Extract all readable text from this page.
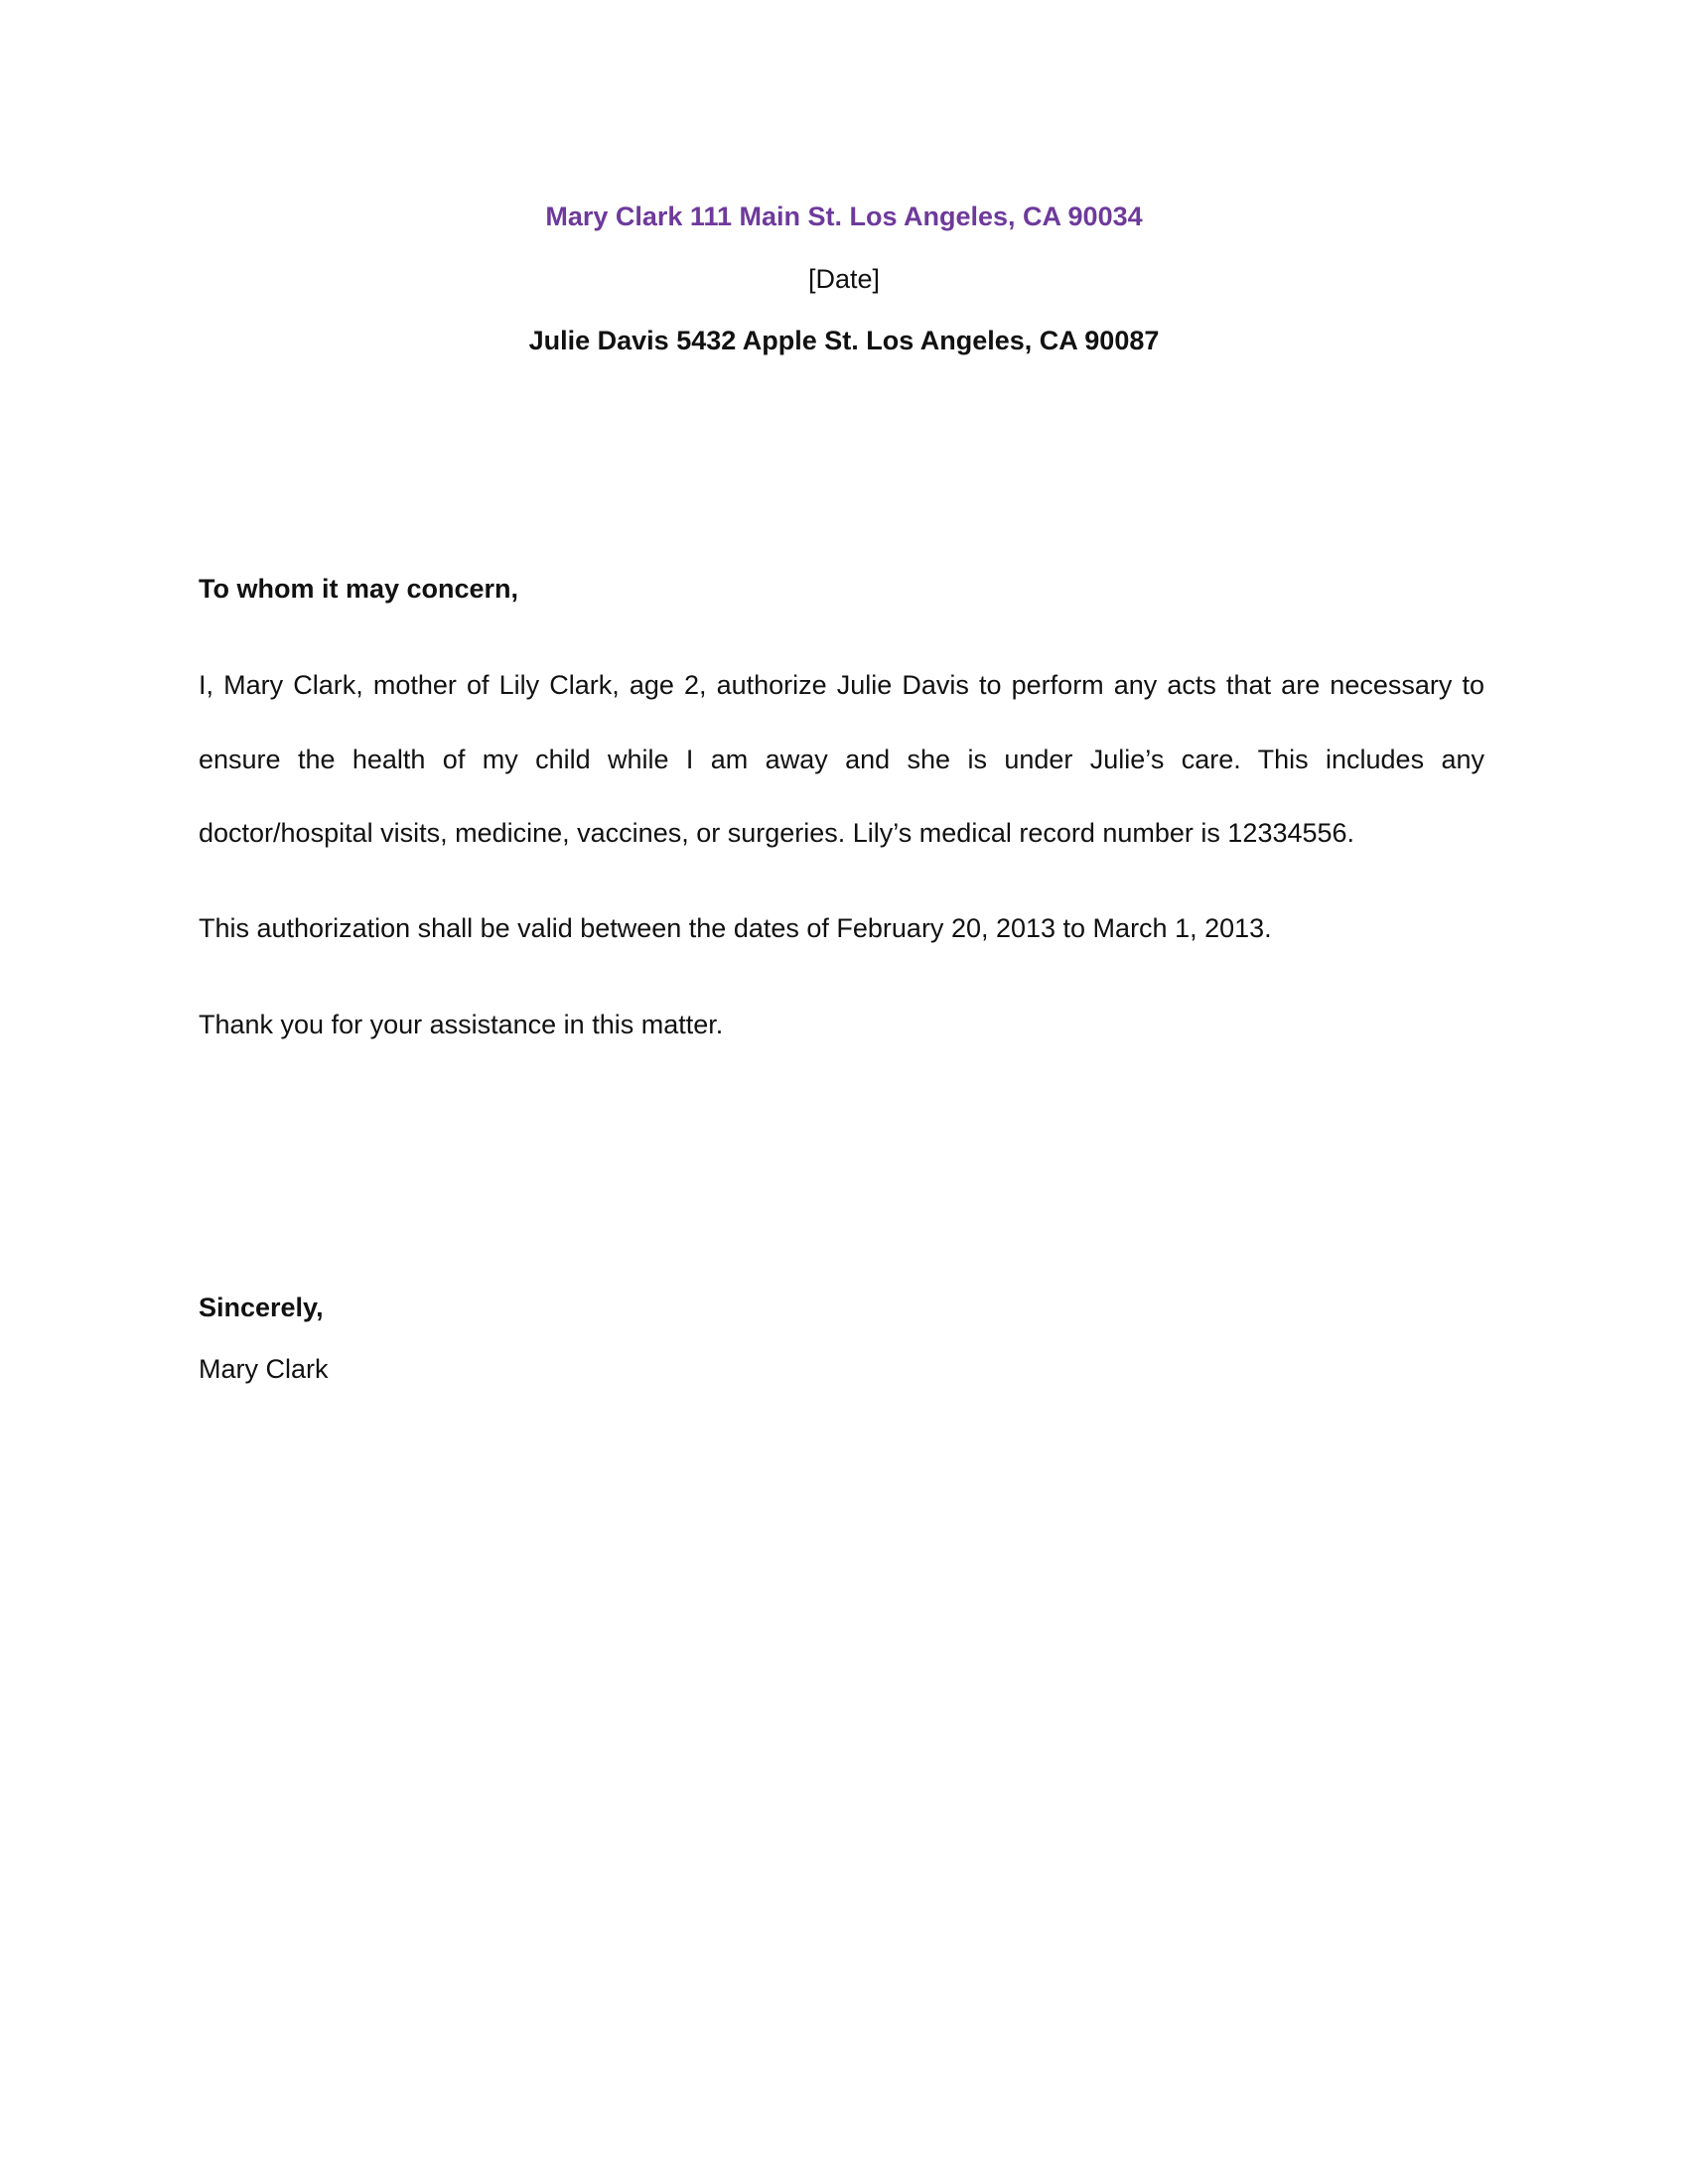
Mary Clark 111 Main St. Los Angeles, CA 90034
[Date]
Julie Davis 5432 Apple St. Los Angeles, CA 90087
To whom it may concern,
I, Mary Clark, mother of Lily Clark, age 2, authorize Julie Davis to perform any acts that are necessary to
ensure the health of my child while I am away and she is under Julie’s care. This includes any
doctor/hospital visits, medicine, vaccines, or surgeries. Lily’s medical record number is 12334556.
This authorization shall be valid between the dates of February 20, 2013 to March 1, 2013.
Thank you for your assistance in this matter.
Sincerely,
Mary Clark
